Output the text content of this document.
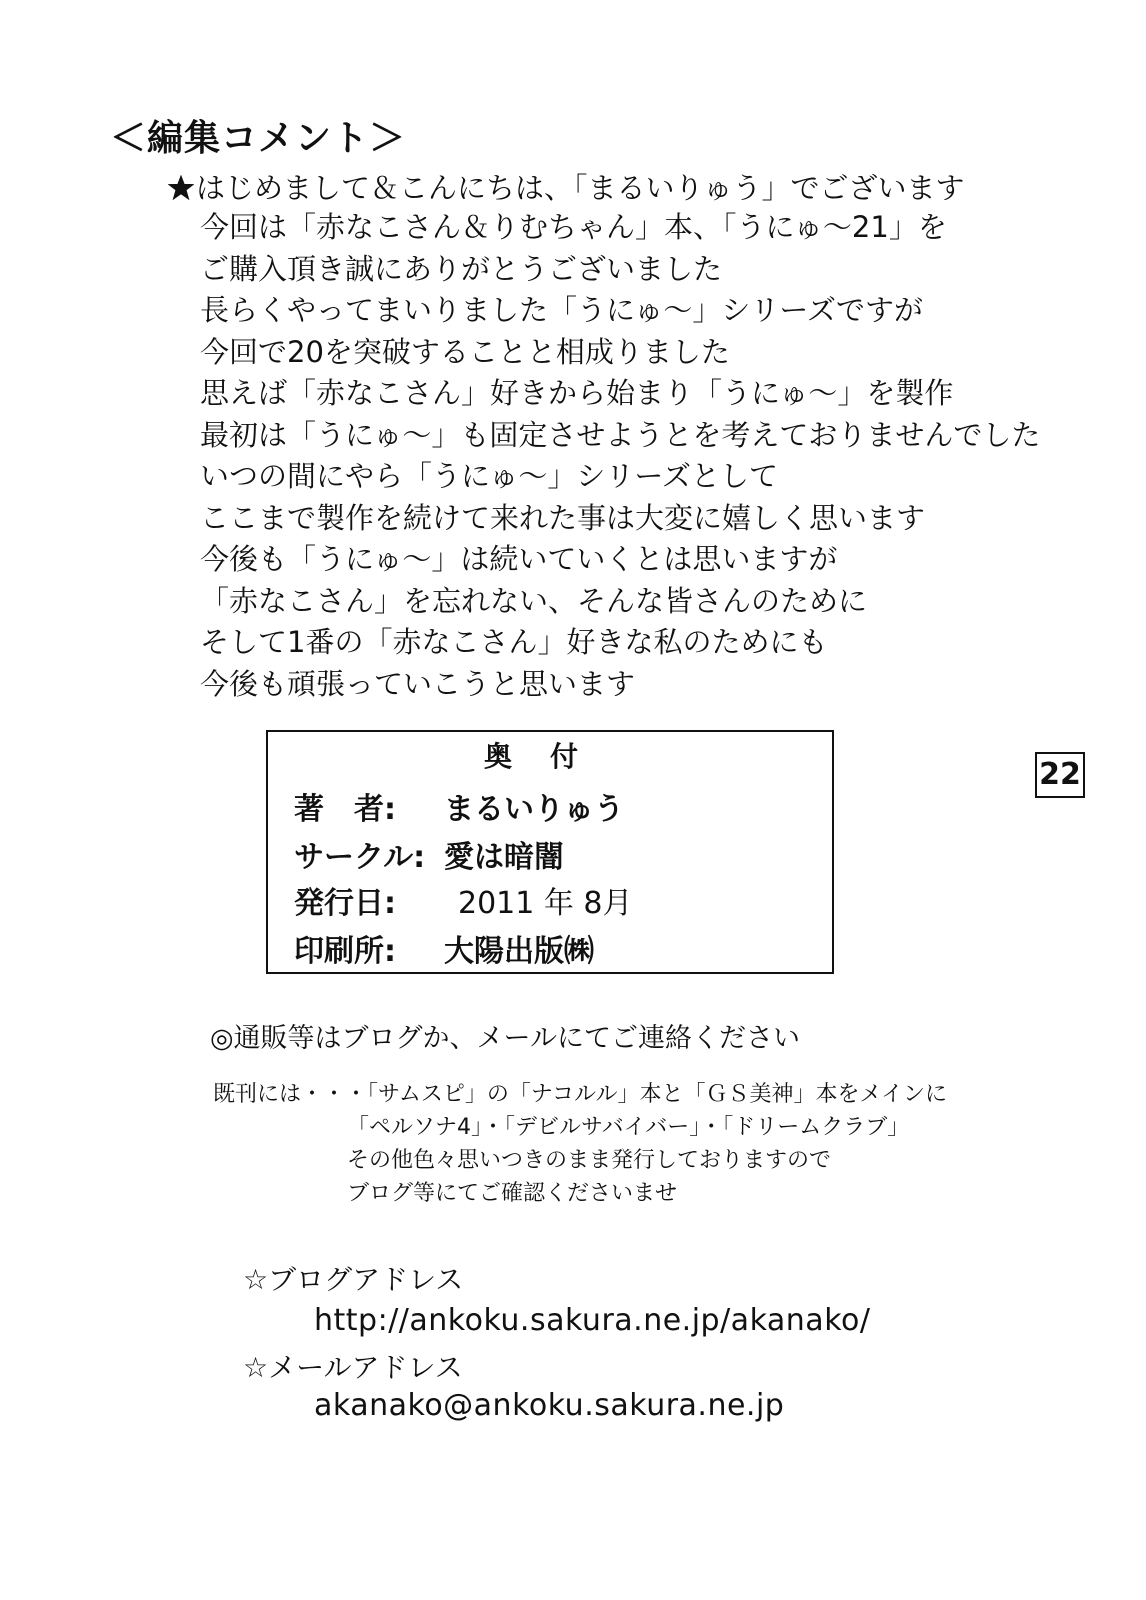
＜編集コメント＞
はじめまして＆こんにちは、「まるいりゅう」でございます
今回は「赤なこさん＆りむちゃん」本、「うにゅ～21」を
ご購入頂き誠にありがとうございました
長らくやってまいりました「うにゅ～」シリーズですが
今回で20を突破することと相成りました
思えば「赤なこさん」好きから始まり「うにゅ～」を製作
最初は「うにゅ～」も固定させようとを考えておりませんでした
いつの間にやら「うにゅ～」シリーズとして
ここまで製作を続けて来れた事は大変に嬉しく思います
今後も「うにゅ～」は続いていくとは思いますが
「赤なこさん」を忘れない、そんな皆さんのために
そして1番の「赤なこさん」好きな私のためにも
今後も頑張っていこうと思います
奥付
著　者: まるいりゅう
サークル: 愛は暗闇
発行日: 2011 年 8月
印刷所: 大陽出版㈱
22
◎通販等はブログか、メールにてご連絡ください
既刊には・・・「サムスピ」の「ナコルル」本と「ＧＳ美神」本をメインに
「ペルソナ4」・「デビルサバイバー」・「ドリームクラブ」
その他色々思いつきのまま発行しておりますので
ブログ等にてご確認くださいませ
☆ブログアドレス
http://ankoku.sakura.ne.jp/akanako/
☆メールアドレス
akanako@ankoku.sakura.ne.jp
